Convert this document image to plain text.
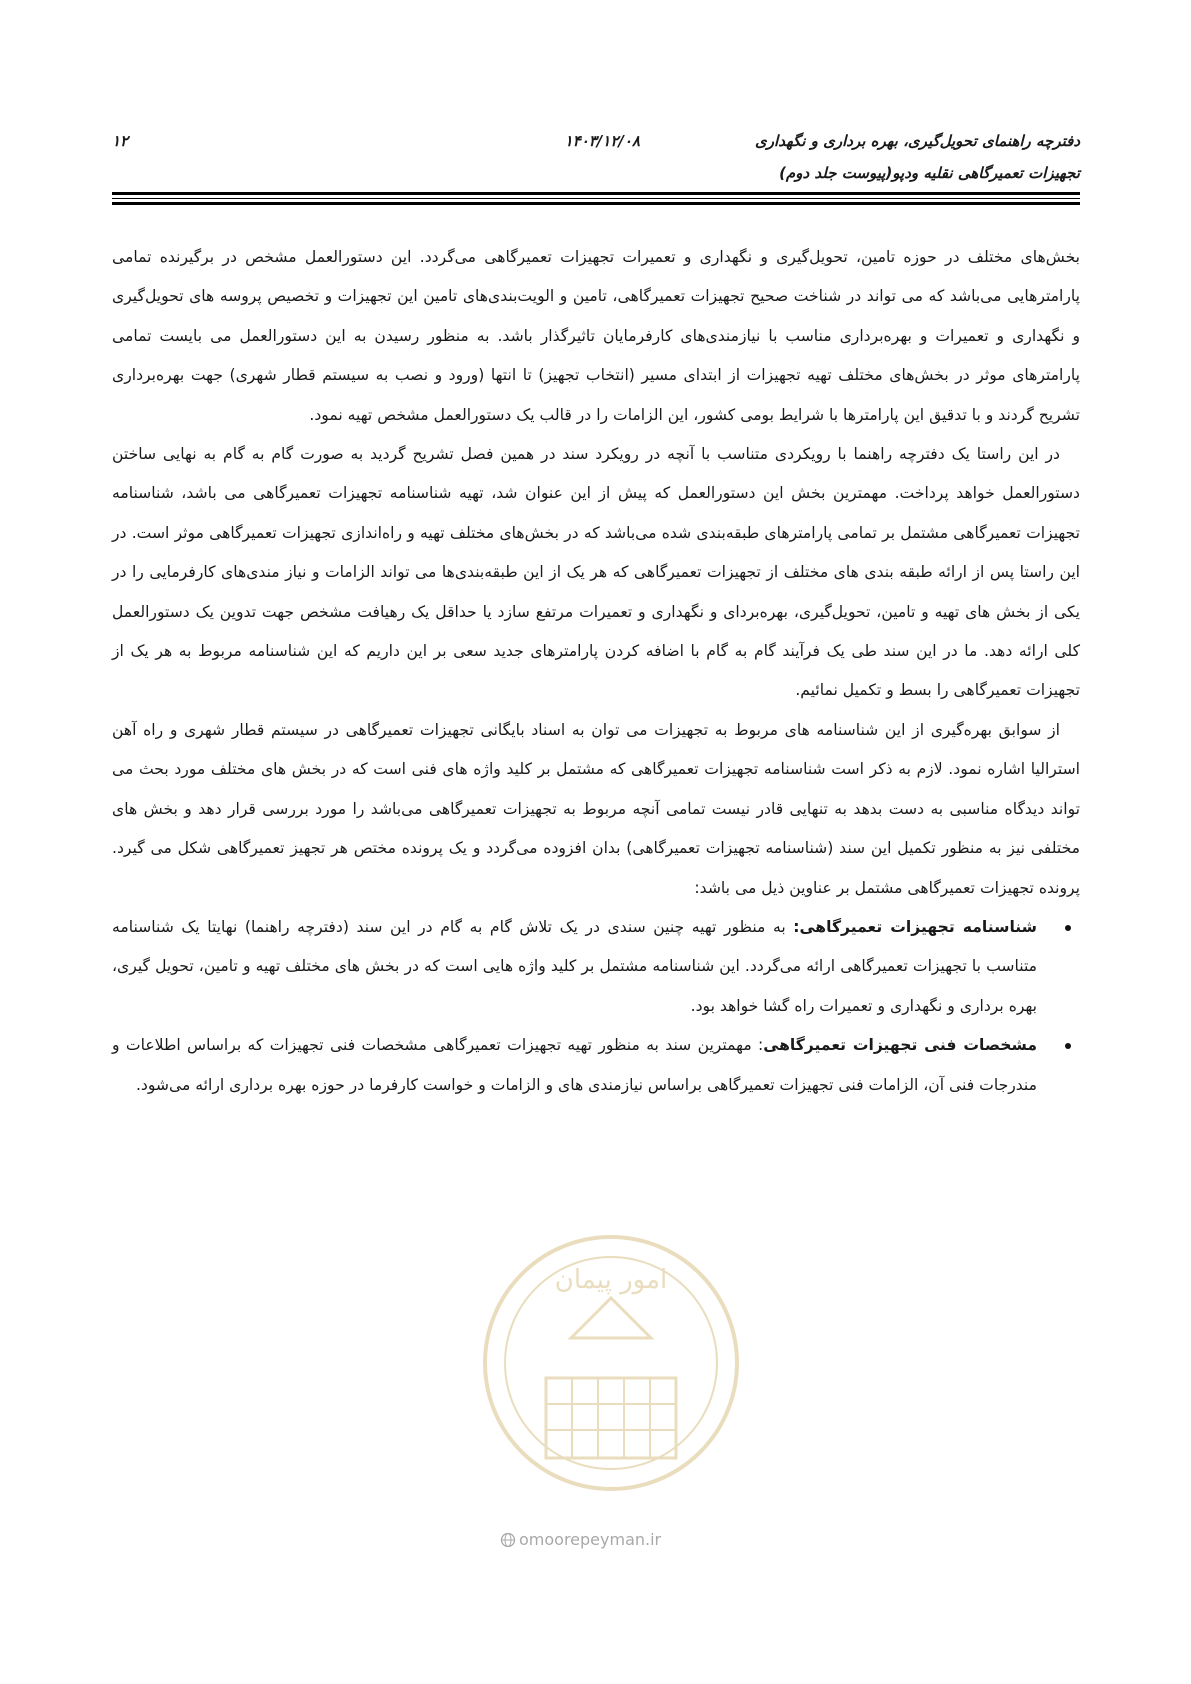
دفترچه راهنمای تحویل‌گیری، بهره برداری و نگهداری
تجهیزات تعمیرگاهی نقلیه ودپو(پیوست جلد دوم)
۱۴۰۳/۱۲/۰۸
۱۲

بخش‌های مختلف در حوزه تامین، تحویل‌گیری و نگهداری و تعمیرات تجهیزات تعمیرگاهی می‌گردد. این دستورالعمل مشخص در برگیرنده تمامی پارامترهایی می‌باشد که می تواند در شناخت صحیح تجهیزات تعمیرگاهی، تامین و الویت‌بندی‌های تامین این تجهیزات و تخصیص پروسه های تحویل‌گیری و نگهداری و تعمیرات و بهره‌برداری مناسب با نیازمندی‌های کارفرمایان تاثیرگذار باشد. به منظور رسیدن به این دستورالعمل می بایست تمامی پارامترهای موثر در بخش‌های مختلف تهیه تجهیزات از ابتدای مسیر (انتخاب تجهیز) تا انتها (ورود و نصب به سیستم قطار شهری) جهت بهره‌برداری تشریح گردند و با تدقیق این پارامترها با شرایط بومی کشور، این الزامات را در قالب یک دستورالعمل مشخص تهیه نمود.

در این راستا یک دفترچه راهنما با رویکردی متناسب با آنچه در رویکرد سند در همین فصل تشریح گردید به صورت گام به گام به نهایی ساختن دستورالعمل خواهد پرداخت. مهمترین بخش این دستورالعمل که پیش از این عنوان شد، تهیه شناسنامه تجهیزات تعمیرگاهی می باشد، شناسنامه تجهیزات تعمیرگاهی مشتمل بر تمامی پارامترهای طبقه‌بندی شده می‌باشد که در بخش‌های مختلف تهیه و راه‌اندازی تجهیزات تعمیرگاهی موثر است. در این راستا پس از ارائه طبقه بندی های مختلف از تجهیزات تعمیرگاهی که هر یک از این طبقه‌بندی‌ها می تواند الزامات و نیاز مندی‌های کارفرمایی را در یکی از بخش های تهیه و تامین، تحویل‌گیری، بهره‌بردای و نگهداری و تعمیرات مرتفع سازد یا حداقل یک رهیافت مشخص جهت تدوین یک دستورالعمل کلی ارائه دهد. ما در این سند طی یک فرآیند گام به گام با اضافه کردن پارامترهای جدید سعی بر این داریم که این شناسنامه مربوط به هر یک از تجهیزات تعمیرگاهی را بسط و تکمیل نمائیم.

از سوابق بهره‌گیری از این شناسنامه های مربوط به تجهیزات می توان به اسناد بایگانی تجهیزات تعمیرگاهی در سیستم قطار شهری و راه آهن استرالیا اشاره نمود. لازم به ذکر است شناسنامه تجهیزات تعمیرگاهی که مشتمل بر کلید واژه های فنی است که در بخش های مختلف مورد بحث می تواند دیدگاه مناسبی به دست بدهد به تنهایی قادر نیست تمامی آنچه مربوط به تجهیزات تعمیرگاهی می‌باشد را مورد بررسی قرار دهد و بخش های مختلفی نیز به منظور تکمیل این سند (شناسنامه تجهیزات تعمیرگاهی) بدان افزوده می‌گردد و یک پرونده مختص هر تجهیز تعمیرگاهی شکل می گیرد. پرونده تجهیزات تعمیرگاهی مشتمل بر عناوین ذیل می باشد:

شناسنامه تجهیزات تعمیرگاهی: به منظور تهیه چنین سندی در یک تلاش گام به گام در این سند (دفترچه راهنما) نهایتا یک شناسنامه متناسب با تجهیزات تعمیرگاهی ارائه می‌گردد. این شناسنامه مشتمل بر کلید واژه هایی است که در بخش های مختلف تهیه و تامین، تحویل گیری، بهره برداری و نگهداری و تعمیرات راه گشا خواهد بود.
مشخصات فنی تجهیزات تعمیرگاهی: مهمترین سند به منظور تهیه تجهیزات تعمیرگاهی مشخصات فنی تجهیزات که براساس اطلاعات و مندرجات فنی آن، الزامات فنی تجهیزات تعمیرگاهی براساس نیازمندی های و الزامات و خواست کارفرما در حوزه بهره برداری ارائه می‌شود.
امور پیمان
omoorepeyman.ir
